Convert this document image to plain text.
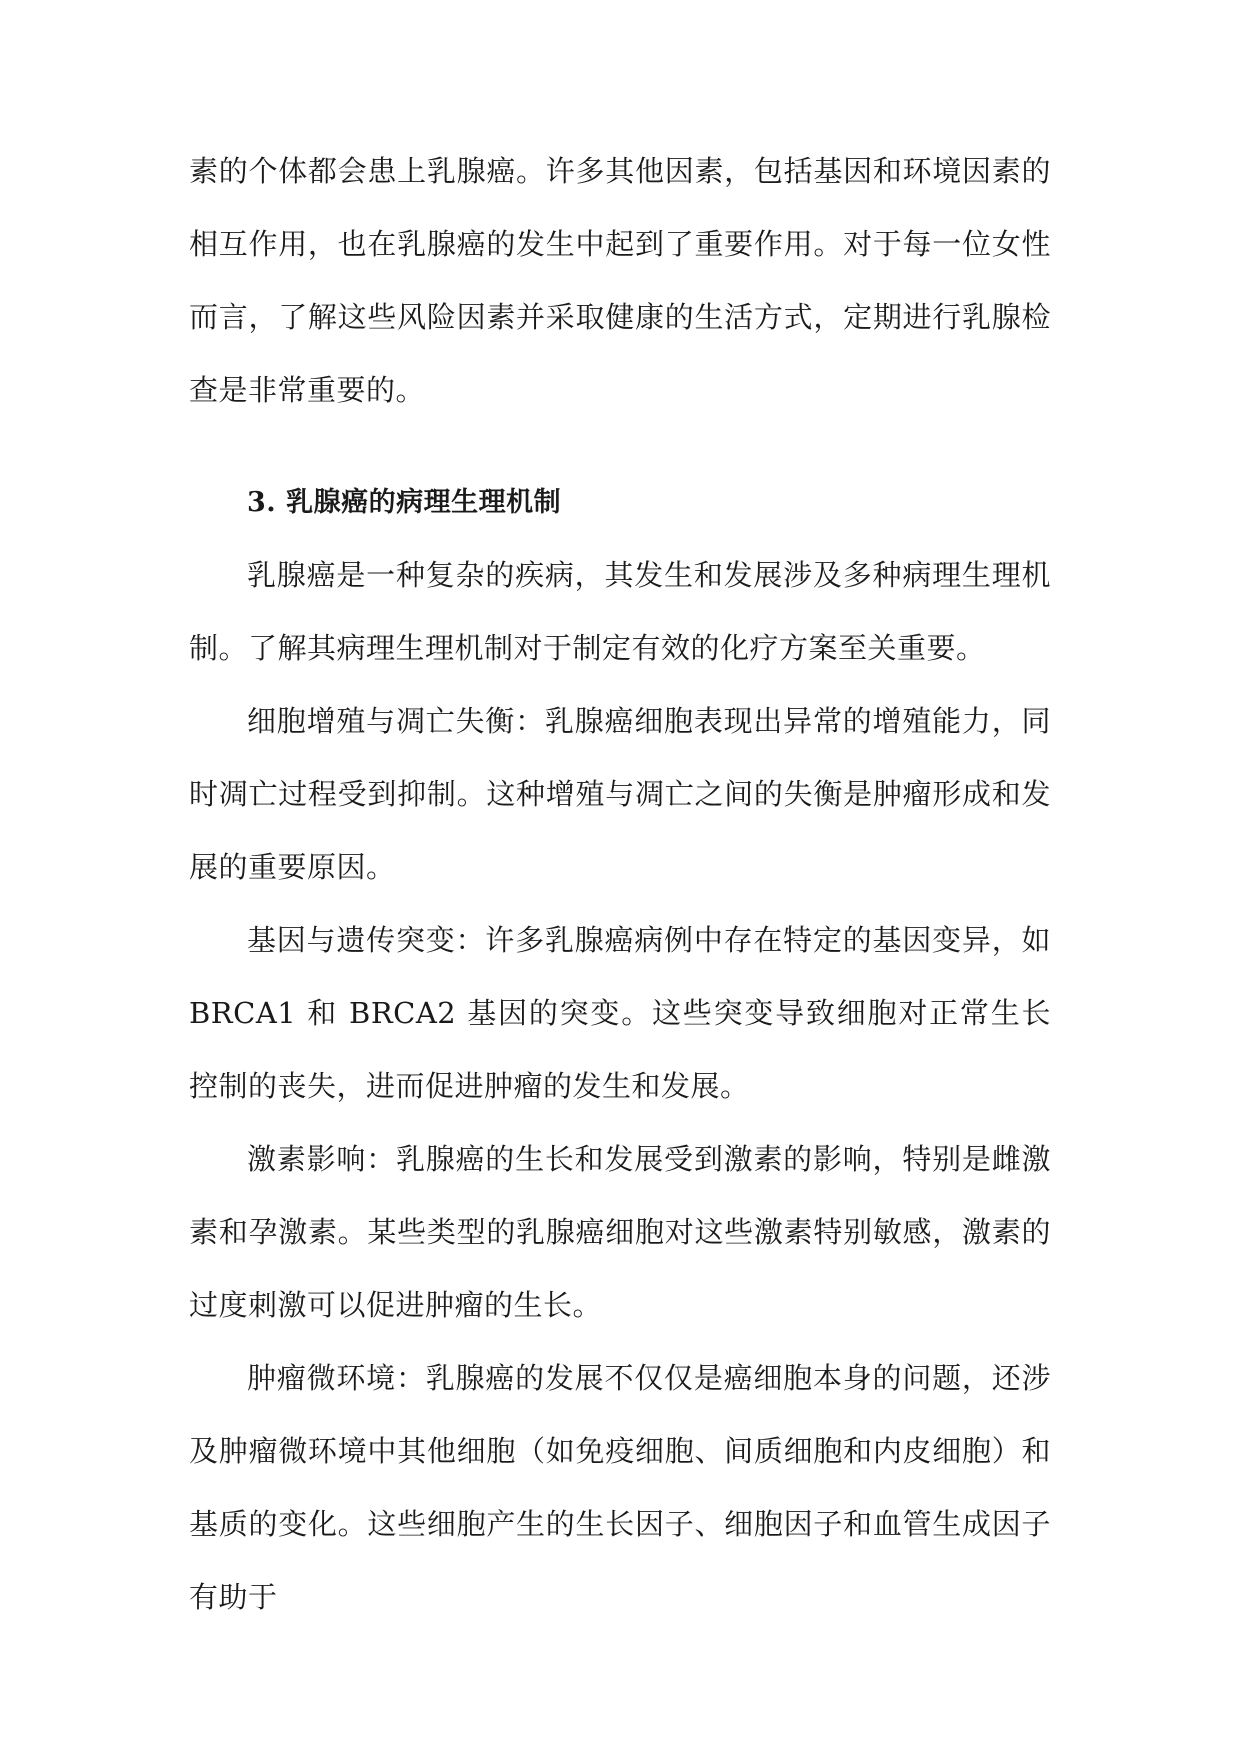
素的个体都会患上乳腺癌。许多其他因素，包括基因和环境因素的相互作用，也在乳腺癌的发生中起到了重要作用。对于每一位女性而言，了解这些风险因素并采取健康的生活方式，定期进行乳腺检查是非常重要的。

3. 乳腺癌的病理生理机制

乳腺癌是一种复杂的疾病，其发生和发展涉及多种病理生理机制。了解其病理生理机制对于制定有效的化疗方案至关重要。

细胞增殖与凋亡失衡：乳腺癌细胞表现出异常的增殖能力，同时凋亡过程受到抑制。这种增殖与凋亡之间的失衡是肿瘤形成和发展的重要原因。

基因与遗传突变：许多乳腺癌病例中存在特定的基因变异，如BRCA1 和 BRCA2 基因的突变。这些突变导致细胞对正常生长控制的丧失，进而促进肿瘤的发生和发展。

激素影响：乳腺癌的生长和发展受到激素的影响，特别是雌激素和孕激素。某些类型的乳腺癌细胞对这些激素特别敏感，激素的过度刺激可以促进肿瘤的生长。

肿瘤微环境：乳腺癌的发展不仅仅是癌细胞本身的问题，还涉及肿瘤微环境中其他细胞（如免疫细胞、间质细胞和内皮细胞）和基质的变化。这些细胞产生的生长因子、细胞因子和血管生成因子有助于
